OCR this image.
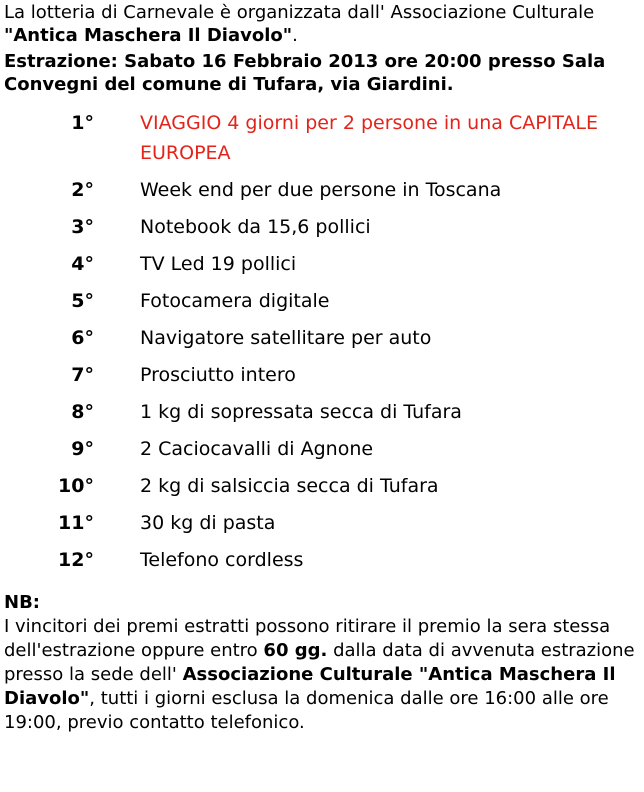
La lotteria di Carnevale è organizzata dall' Associazione Culturale
"Antica Maschera Il Diavolo".
Estrazione: Sabato 16 Febbraio 2013 ore 20:00 presso Sala Convegni del comune di Tufara, via Giardini.
1°	VIAGGIO 4 giorni per 2 persone in una CAPITALE EUROPEA
2°	Week end per due persone in Toscana
3°	Notebook da 15,6 pollici
4°	TV Led 19 pollici
5°	Fotocamera digitale
6°	Navigatore satellitare per auto
7°	Prosciutto intero
8°	1 kg di sopressata secca di Tufara
9°	2 Caciocavalli di Agnone
10°	2 kg di salsiccia secca di Tufara
11°	30 kg di pasta
12°	Telefono cordless
NB:
I vincitori dei premi estratti possono ritirare il premio la sera stessa dell'estrazione oppure entro 60 gg. dalla data di avvenuta estrazione presso la sede dell' Associazione Culturale "Antica Maschera Il Diavolo", tutti i giorni esclusa la domenica dalle ore 16:00 alle ore 19:00, previo contatto telefonico.
